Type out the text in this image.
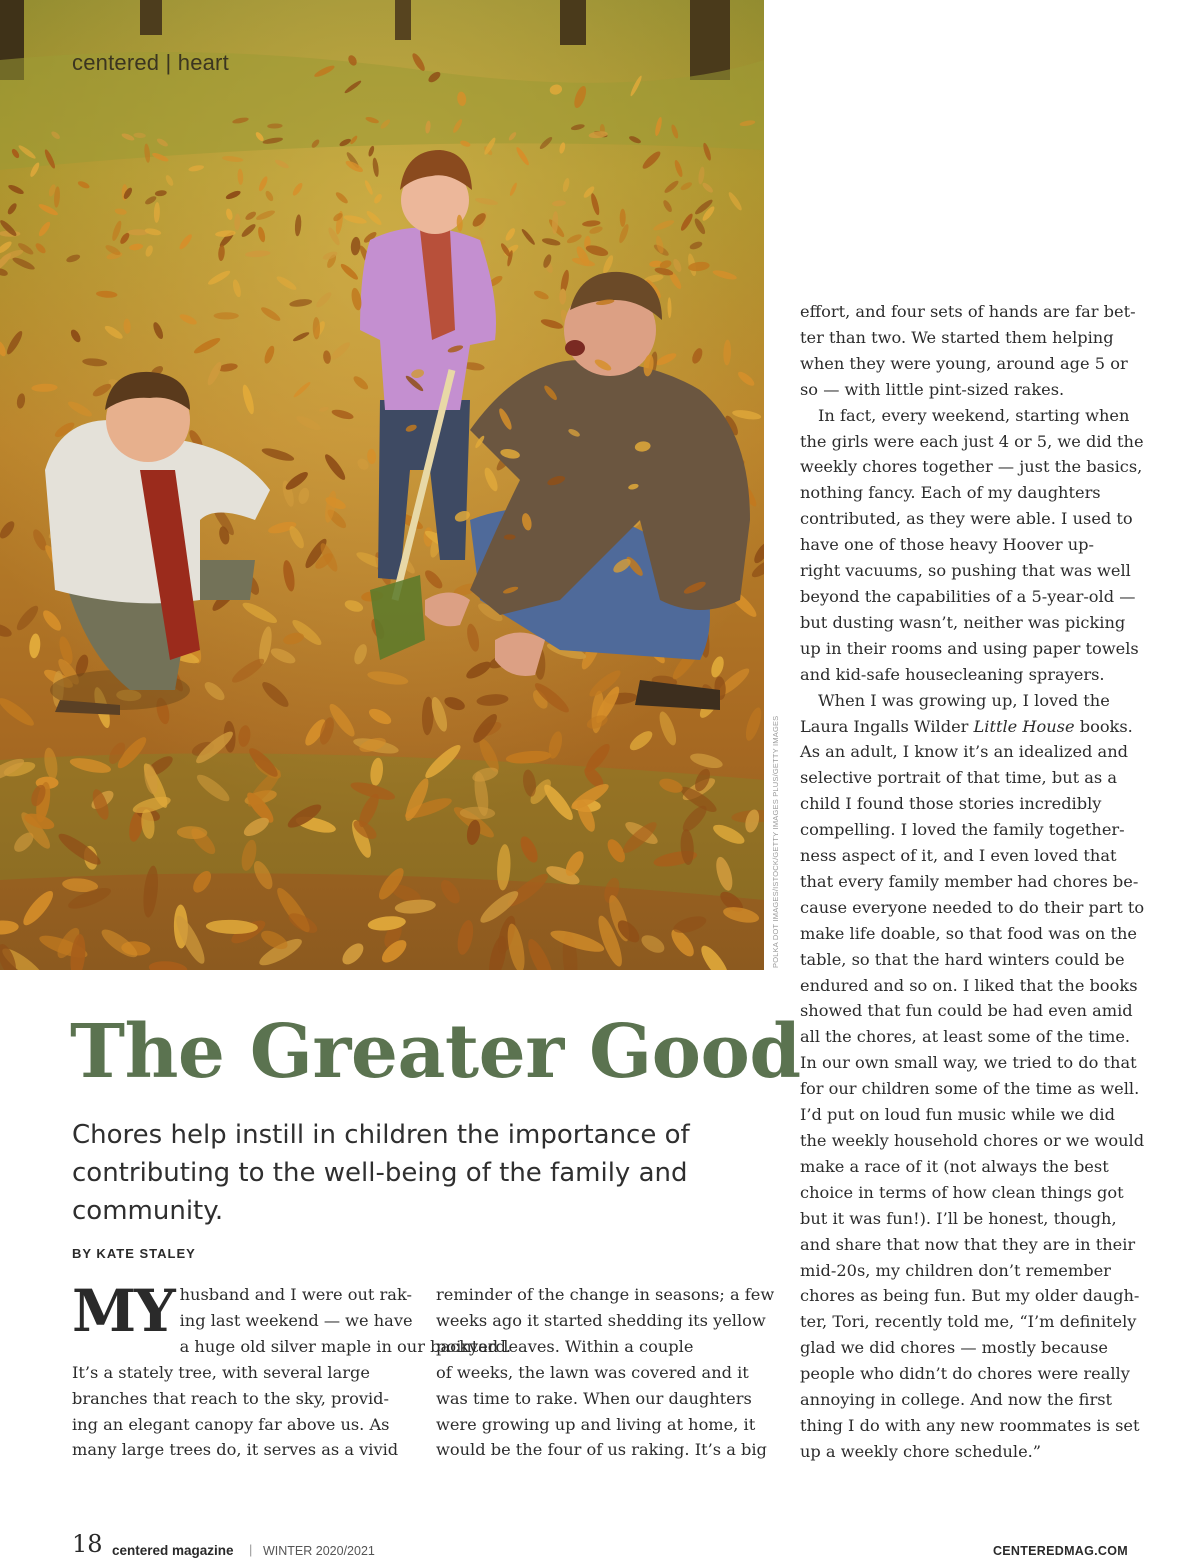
centered | heart
POLKA DOT IMAGES/ISTOCK/GETTY IMAGES PLUS/GETTY IMAGES
The Greater Good

Chores help instill in children the importance of contributing to the well-being of the family and community.

BY KATE STALEY
MY husband and I were out rak-
ing last weekend — we have
a huge old silver maple in our backyard.
It’s a stately tree, with several large
branches that reach to the sky, provid-
ing an elegant canopy far above us. As
many large trees do, it serves as a vivid
reminder of the change in seasons; a few
weeks ago it started shedding its yellow
pointed leaves. Within a couple
of weeks, the lawn was covered and it
was time to rake. When our daughters
were growing up and living at home, it
would be the four of us raking. It’s a big
effort, and four sets of hands are far bet-
ter than two. We started them helping
when they were young, around age 5 or
so — with little pint-sized rakes.
In fact, every weekend, starting when
the girls were each just 4 or 5, we did the
weekly chores together — just the basics,
nothing fancy. Each of my daughters
contributed, as they were able. I used to
have one of those heavy Hoover up-
right vacuums, so pushing that was well
beyond the capabilities of a 5-year-old —
but dusting wasn’t, neither was picking
up in their rooms and using paper towels
and kid-safe housecleaning sprayers.
When I was growing up, I loved the
Laura Ingalls Wilder Little House books.
As an adult, I know it’s an idealized and
selective portrait of that time, but as a
child I found those stories incredibly
compelling. I loved the family together-
ness aspect of it, and I even loved that
that every family member had chores be-
cause everyone needed to do their part to
make life doable, so that food was on the
table, so that the hard winters could be
endured and so on. I liked that the books
showed that fun could be had even amid
all the chores, at least some of the time.
In our own small way, we tried to do that
for our children some of the time as well.
I’d put on loud fun music while we did
the weekly household chores or we would
make a race of it (not always the best
choice in terms of how clean things got
but it was fun!). I’ll be honest, though,
and share that now that they are in their
mid-20s, my children don’t remember
chores as being fun. But my older daugh-
ter, Tori, recently told me, “I’m definitely
glad we did chores — mostly because
people who didn’t do chores were really
annoying in college. And now the first
thing I do with any new roommates is set
up a weekly chore schedule.”
18 centered magazine | WINTER 2020/2021	CENTEREDMAG.COM
